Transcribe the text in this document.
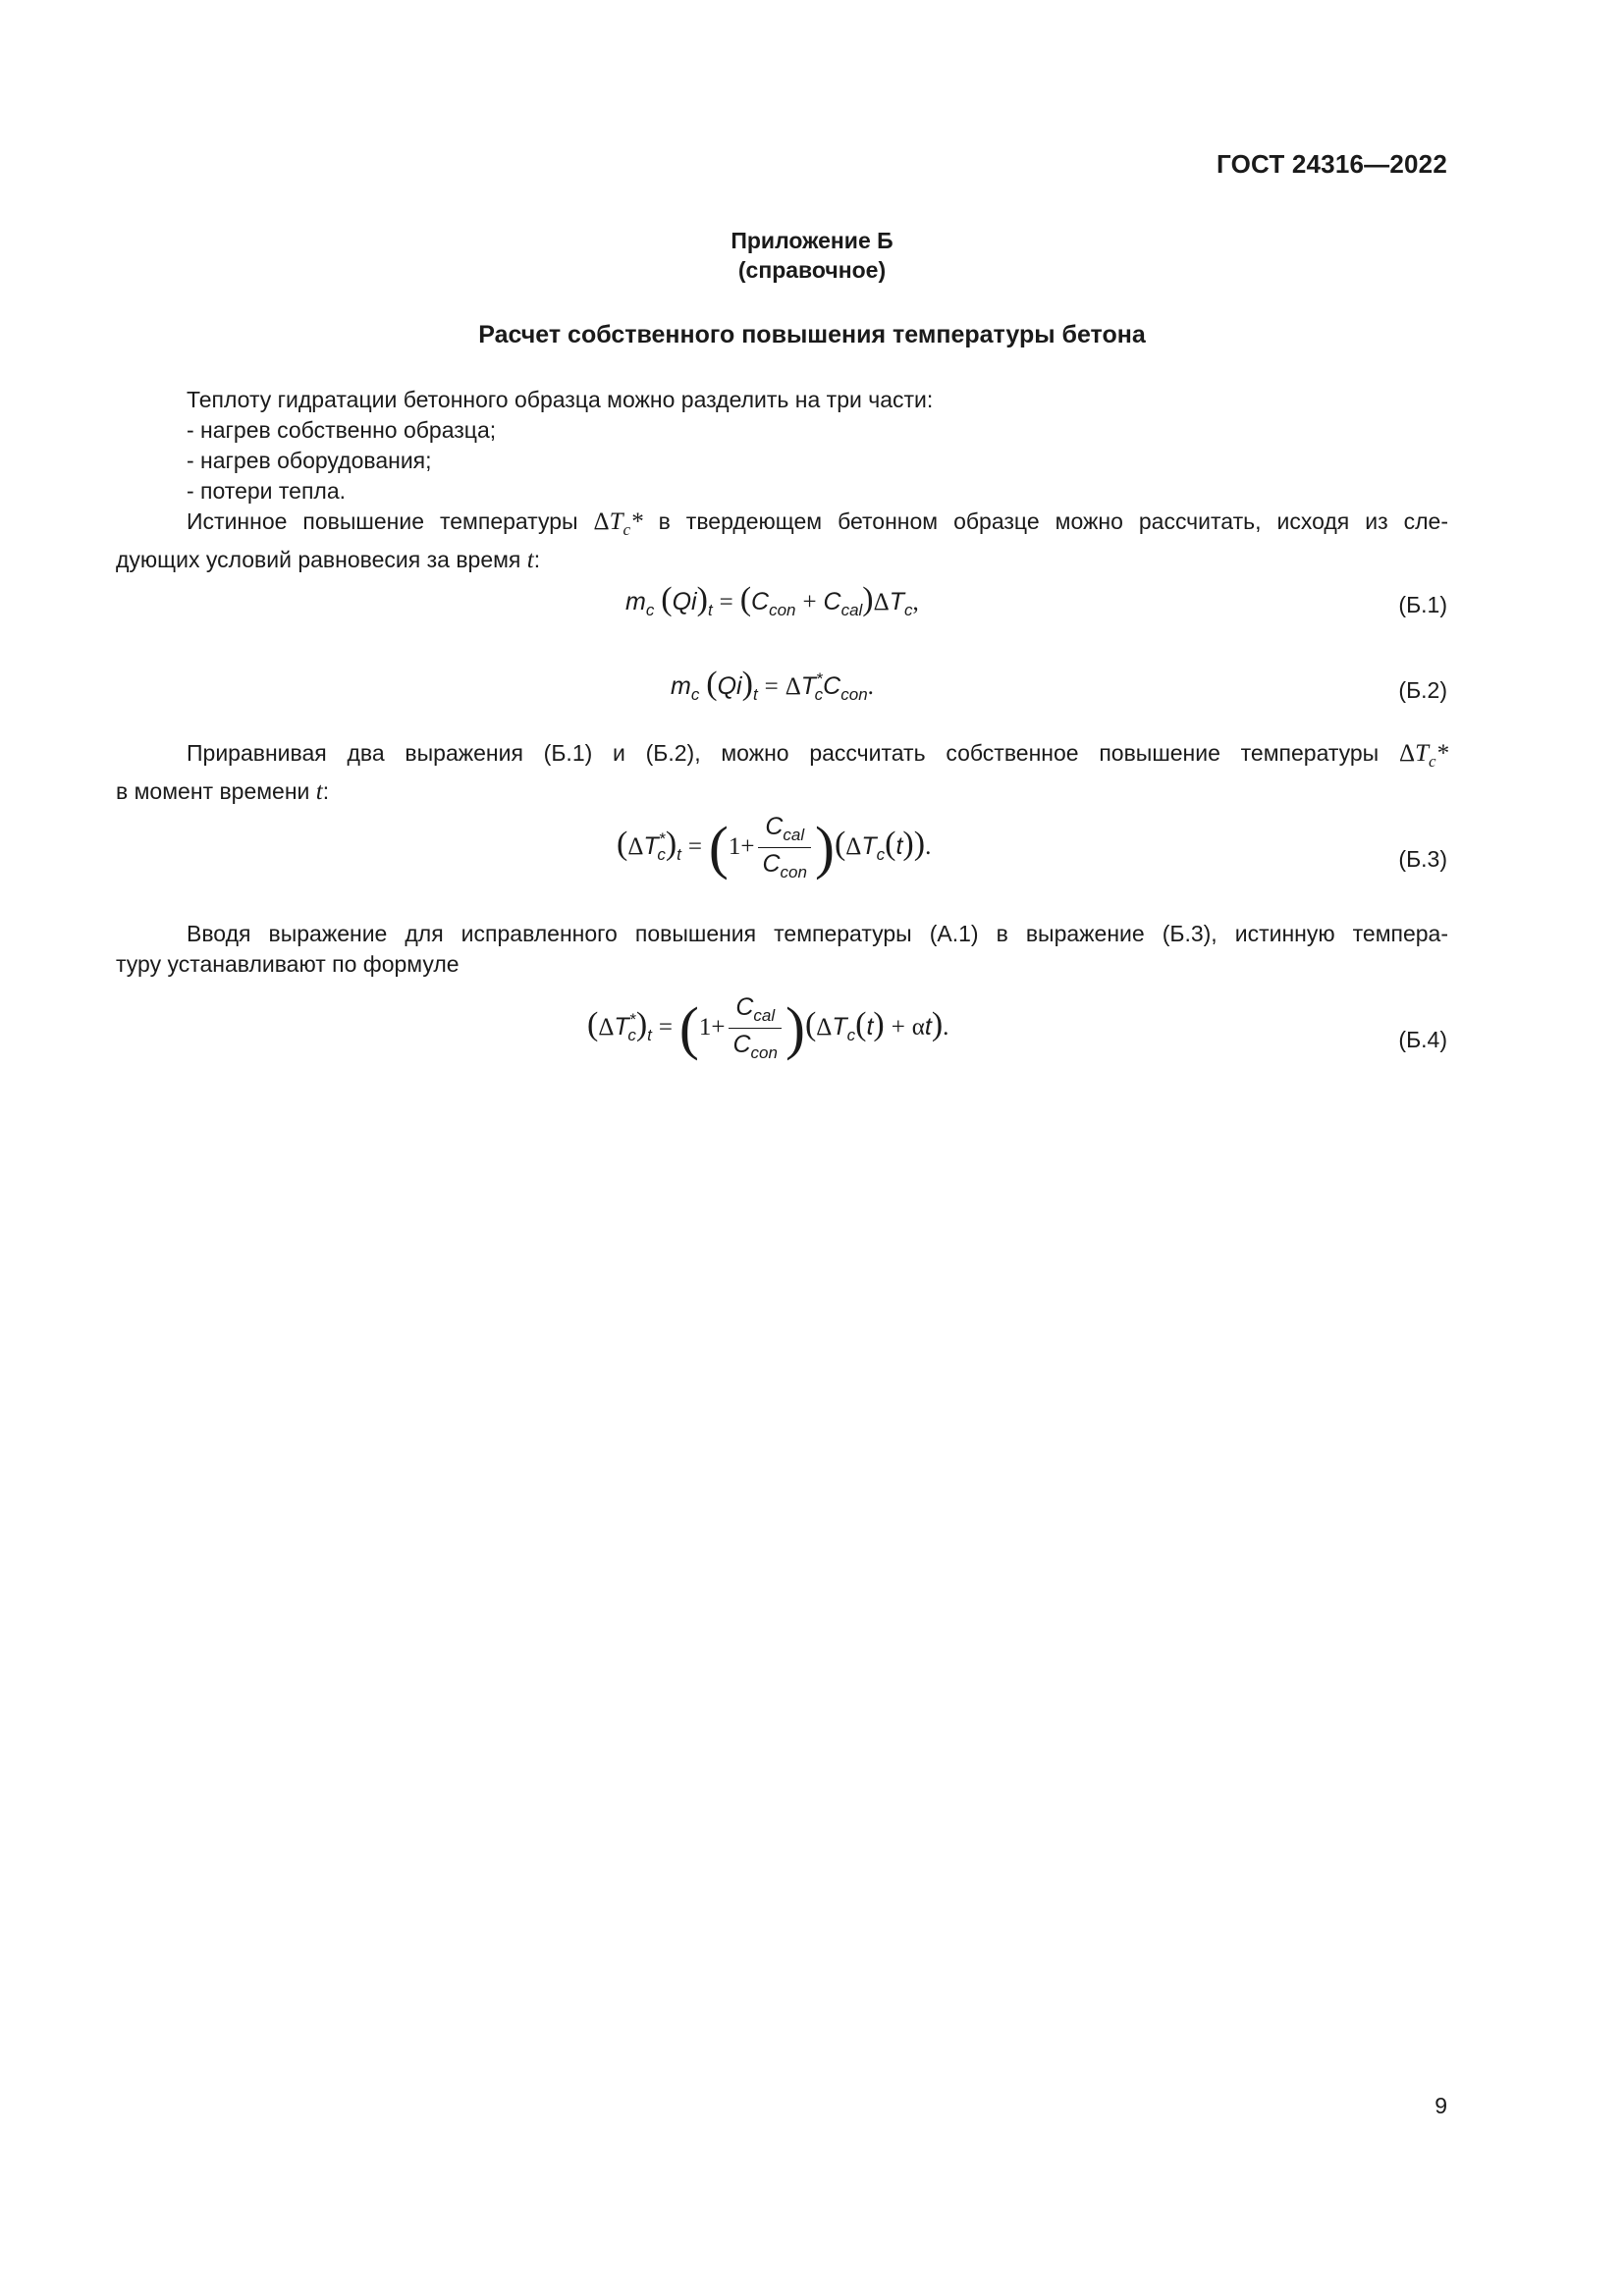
ГОСТ 24316—2022
Приложение Б
(справочное)
Расчет собственного повышения температуры бетона
Теплоту гидратации бетонного образца можно разделить на три части:
- нагрев собственно образца;
- нагрев оборудования;
- потери тепла.
Истинное повышение температуры $\Delta T_c*$ в твердеющем бетонном образце можно рассчитать, исходя из сле-
дующих условий равновесия за время t:
$m_c$ $(Qi)_t = (C_{con} + C_{cal})\Delta T_c$,	(Б.1)
$m_c$ $(Qi)_t = \Delta T^*_cC_{con}$.	(Б.2)
Приравнивая два выражения (Б.1) и (Б.2), можно рассчитать собственное повышение температуры $\Delta T_c*$
в момент времени t:
$(\Delta T^*_c)_t = (1+ \frac{C_{cal}}{C_{con}} )(\Delta T_c(t))$.	(Б.3)
Вводя выражение для исправленного повышения температуры (А.1) в выражение (Б.3), истинную темпера-
туру устанавливают по формуле
$(\Delta T^*_c)_t = (1+ \frac{C_{cal}}{C_{con}} )(\Delta T_c(t) + \alpha t)$.	(Б.4)
9
